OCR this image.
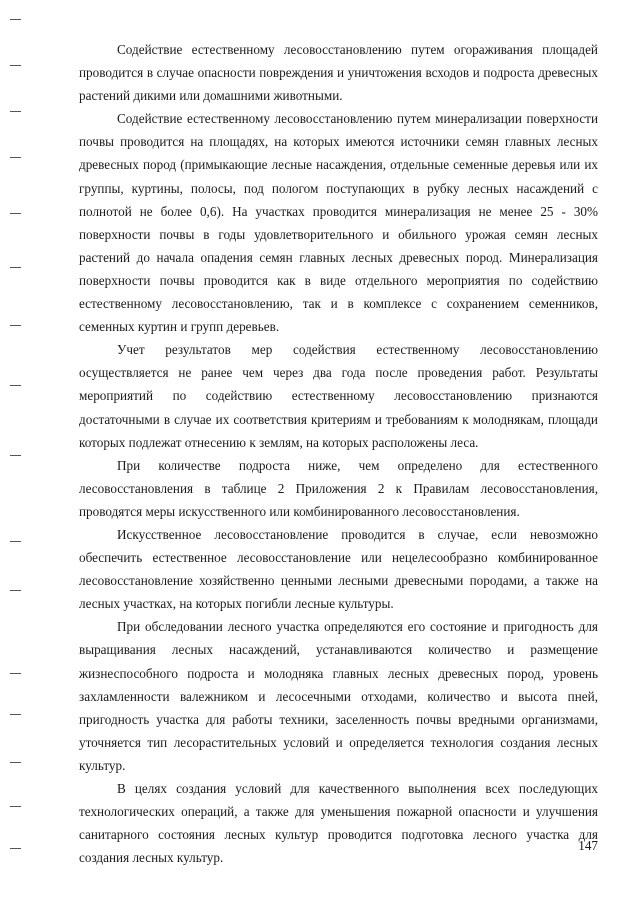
Содействие естественному лесовосстановлению путем огораживания площадей проводится в случае опасности повреждения и уничтожения всходов и подроста древесных растений дикими или домашними животными.

Содействие естественному лесовосстановлению путем минерализации поверхности почвы проводится на площадях, на которых имеются источники семян главных лесных древесных пород (примыкающие лесные насаждения, отдельные семенные деревья или их группы, куртины, полосы, под пологом поступающих в рубку лесных насаждений с полнотой не более 0,6). На участках проводится минерализация не менее 25 - 30% поверхности почвы в годы удовлетворительного и обильного урожая семян лесных растений до начала опадения семян главных лесных древесных пород. Минерализация поверхности почвы проводится как в виде отдельного мероприятия по содействию естественному лесовосстановлению, так и в комплексе с сохранением семенников, семенных куртин и групп деревьев.

Учет результатов мер содействия естественному лесовосстановлению осуществляется не ранее чем через два года после проведения работ. Результаты мероприятий по содействию естественному лесовосстановлению признаются достаточными в случае их соответствия критериям и требованиям к молоднякам, площади которых подлежат отнесению к землям, на которых расположены леса.

При количестве подроста ниже, чем определено для естественного лесовосстановления в таблице 2 Приложения 2 к Правилам лесовосстановления, проводятся меры искусственного или комбинированного лесовосстановления.

Искусственное лесовосстановление проводится в случае, если невозможно обеспечить естественное лесовосстановление или нецелесообразно комбинированное лесовосстановление хозяйственно ценными лесными древесными породами, а также на лесных участках, на которых погибли лесные культуры.

При обследовании лесного участка определяются его состояние и пригодность для выращивания лесных насаждений, устанавливаются количество и размещение жизнеспособного подроста и молодняка главных лесных древесных пород, уровень захламленности валежником и лесосечными отходами, количество и высота пней, пригодность участка для работы техники, заселенность почвы вредными организмами, уточняется тип лесорастительных условий и определяется технология создания лесных культур.

В целях создания условий для качественного выполнения всех последующих технологических операций, а также для уменьшения пожарной опасности и улучшения санитарного состояния лесных культур проводится подготовка лесного участка для создания лесных культур.

147
